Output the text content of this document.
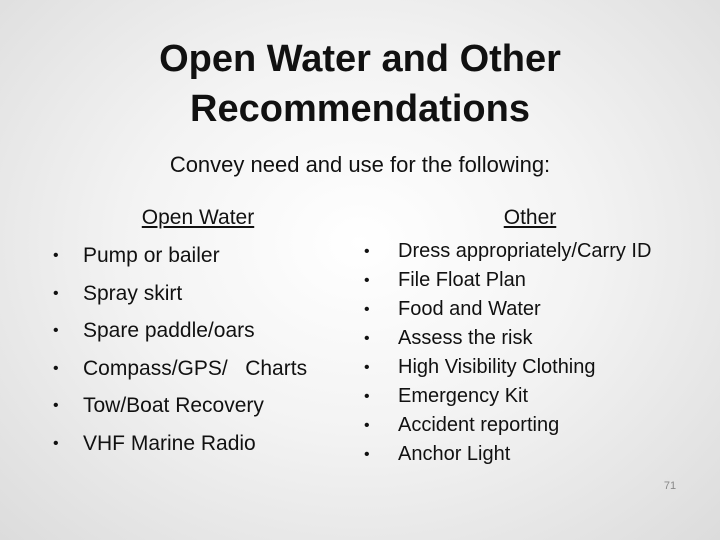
Open Water and Other
Recommendations
Convey need and use for the following:
Open Water
• Pump or bailer
• Spray skirt
• Spare paddle/oars
• Compass/GPS/   Charts
• Tow/Boat Recovery
• VHF Marine Radio
Other
• Dress appropriately/Carry ID
• File Float Plan
• Food and Water
• Assess the risk
• High Visibility Clothing
• Emergency Kit
• Accident reporting
• Anchor Light
71
